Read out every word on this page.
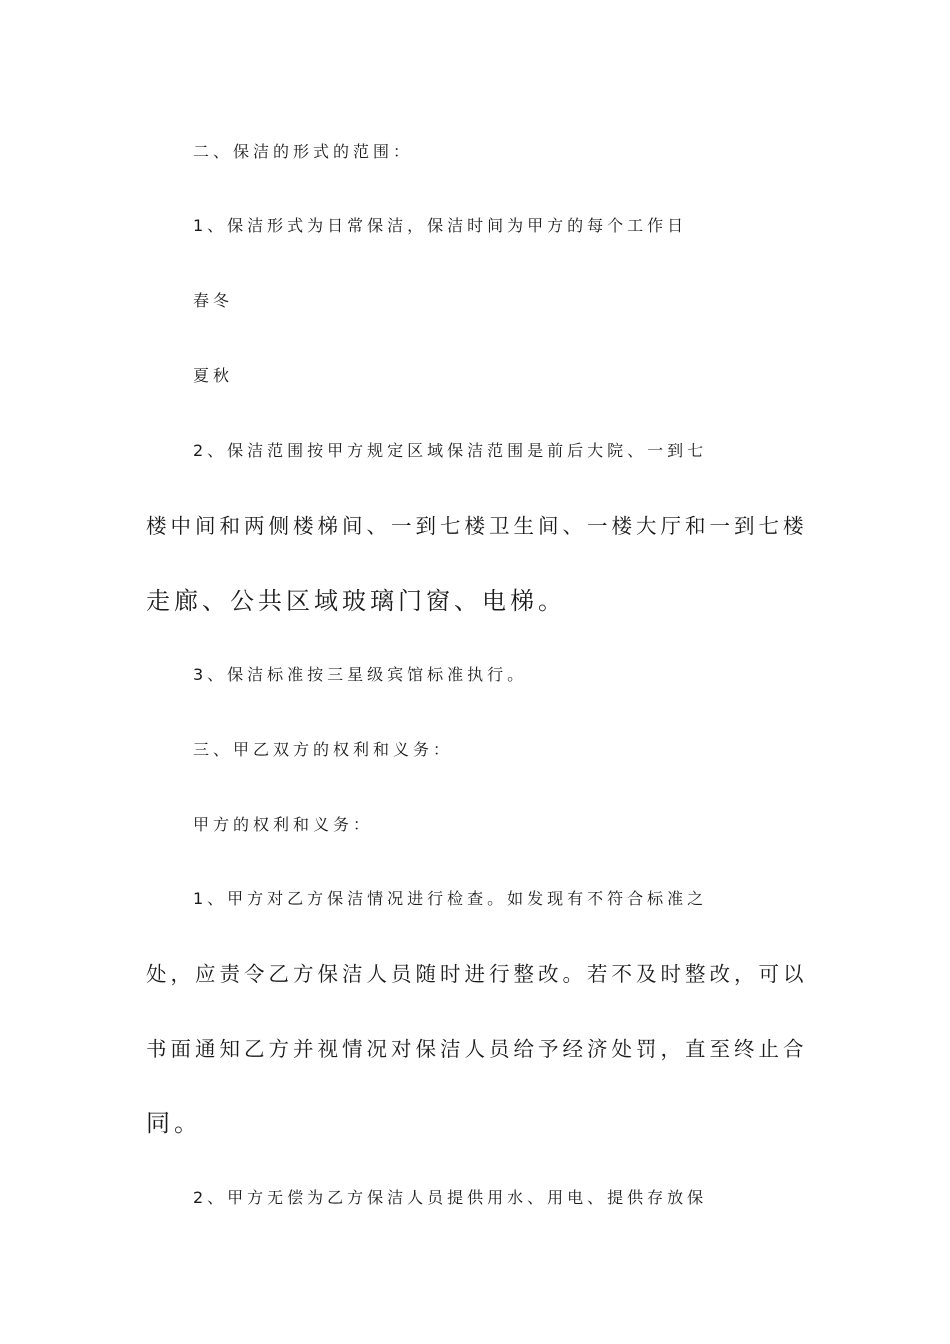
二、保洁的形式的范围：

1、保洁形式为日常保洁，保洁时间为甲方的每个工作日

春冬

夏秋

2、保洁范围按甲方规定区域保洁范围是前后大院、一到七

楼中间和两侧楼梯间、一到七楼卫生间、一楼大厅和一到七楼

走廊、公共区域玻璃门窗、电梯。

3、保洁标准按三星级宾馆标准执行。

三、甲乙双方的权利和义务：

甲方的权利和义务：

1、甲方对乙方保洁情况进行检查。如发现有不符合标准之

处，应责令乙方保洁人员随时进行整改。若不及时整改，可以

书面通知乙方并视情况对保洁人员给予经济处罚，直至终止合

同。

2、甲方无偿为乙方保洁人员提供用水、用电、提供存放保
